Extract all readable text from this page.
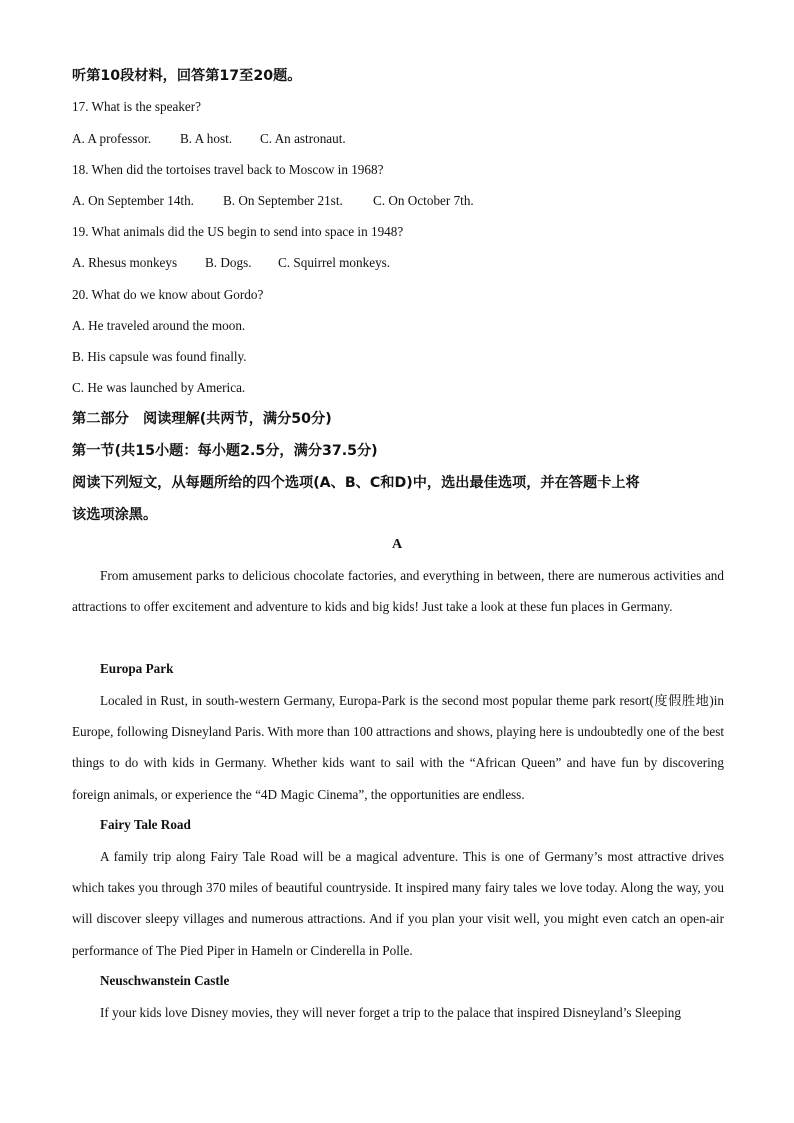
听第10段材料，回答第17至20题。
17. What is the speaker?
A. A professor. B. A host. C. An astronaut.
18. When did the tortoises travel back to Moscow in 1968?
A. On September 14th. B. On September 21st. C. On October 7th.
19. What animals did the US begin to send into space in 1948?
A. Rhesus monkeys B. Dogs. C. Squirrel monkeys.
20. What do we know about Gordo?
A. He traveled around the moon.
B. His capsule was found finally.
C. He was launched by America.
第二部分　阅读理解(共两节，满分50分)
第一节(共15小题：每小题2.5分，满分37.5分)
阅读下列短文，从每题所给的四个选项(A、B、C和D)中，选出最佳选项，并在答题卡上将
该选项涂黑。
A

From amusement parks to delicious chocolate factories, and everything in between, there are numerous activities and attractions to offer excitement and adventure to kids and big kids! Just take a look at these fun places in Germany.

Europa Park

Localed in Rust, in south-western Germany, Europa-Park is the second most popular theme park resort(度假胜地)in Europe, following Disneyland Paris. With more than 100 attractions and shows, playing here is undoubtedly one of the best things to do with kids in Germany. Whether kids want to sail with the “African Queen” and have fun by discovering foreign animals, or experience the “4D Magic Cinema”, the opportunities are endless.

Fairy Tale Road

A family trip along Fairy Tale Road will be a magical adventure. This is one of Germany’s most attractive drives which takes you through 370 miles of beautiful countryside. It inspired many fairy tales we love today. Along the way, you will discover sleepy villages and numerous attractions. And if you plan your visit well, you might even catch an open-air performance of The Pied Piper in Hameln or Cinderella in Polle.

Neuschwanstein Castle

If your kids love Disney movies, they will never forget a trip to the palace that inspired Disneyland’s Sleeping
